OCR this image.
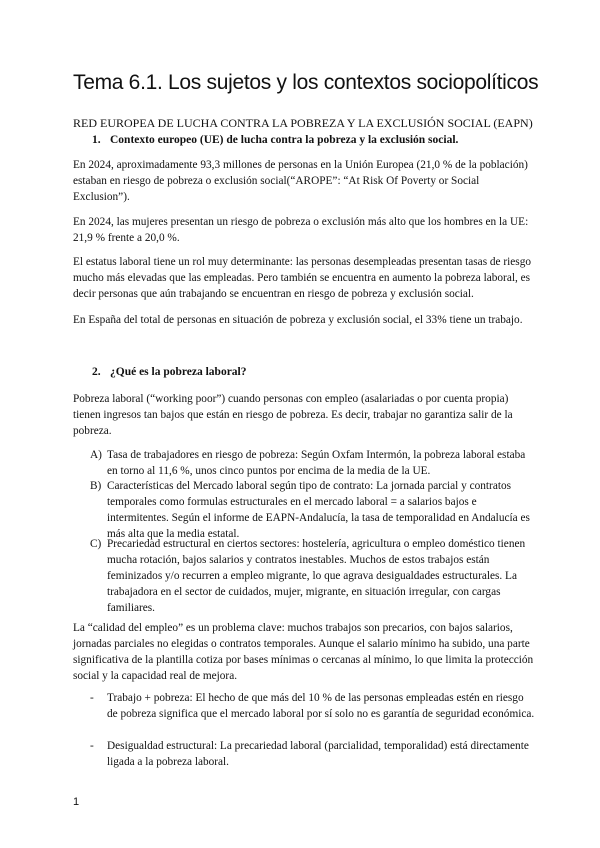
Tema 6.1. Los sujetos y los contextos sociopolíticos
RED EUROPEA DE LUCHA CONTRA LA POBREZA Y LA EXCLUSIÓN SOCIAL (EAPN)
1. Contexto europeo (UE) de lucha contra la pobreza y la exclusión social.
En 2024, aproximadamente 93,3 millones de personas en la Unión Europea (21,0 % de la población) estaban en riesgo de pobreza o exclusión social(“AROPE”: “At Risk Of Poverty or Social Exclusion”).
En 2024, las mujeres presentan un riesgo de pobreza o exclusión más alto que los hombres en la UE: 21,9 % frente a 20,0 %.
El estatus laboral tiene un rol muy determinante: las personas desempleadas presentan tasas de riesgo mucho más elevadas que las empleadas. Pero también se encuentra en aumento la pobreza laboral, es decir personas que aún trabajando se encuentran en riesgo de pobreza y exclusión social.
En España del total de personas en situación de pobreza y exclusión social, el 33% tiene un trabajo.
2. ¿Qué es la pobreza laboral?
Pobreza laboral (“working poor”) cuando personas con empleo (asalariadas o por cuenta propia) tienen ingresos tan bajos que están en riesgo de pobreza. Es decir, trabajar no garantiza salir de la pobreza.
A) Tasa de trabajadores en riesgo de pobreza: Según Oxfam Intermón, la pobreza laboral estaba en torno al 11,6 %, unos cinco puntos por encima de la media de la UE.
B) Características del Mercado laboral según tipo de contrato: La jornada parcial y contratos temporales como formulas estructurales en el mercado laboral = a salarios bajos e intermitentes. Según el informe de EAPN-Andalucía, la tasa de temporalidad en Andalucía es más alta que la media estatal.
C) Precariedad estructural en ciertos sectores: hostelería, agricultura o empleo doméstico tienen mucha rotación, bajos salarios y contratos inestables. Muchos de estos trabajos están feminizados y/o recurren a empleo migrante, lo que agrava desigualdades estructurales. La trabajadora en el sector de cuidados, mujer, migrante, en situación irregular, con cargas familiares.
La “calidad del empleo” es un problema clave: muchos trabajos son precarios, con bajos salarios, jornadas parciales no elegidas o contratos temporales. Aunque el salario mínimo ha subido, una parte significativa de la plantilla cotiza por bases mínimas o cercanas al mínimo, lo que limita la protección social y la capacidad real de mejora.
- Trabajo + pobreza: El hecho de que más del 10 % de las personas empleadas estén en riesgo de pobreza significa que el mercado laboral por sí solo no es garantía de seguridad económica.
- Desigualdad estructural: La precariedad laboral (parcialidad, temporalidad) está directamente ligada a la pobreza laboral.
1
